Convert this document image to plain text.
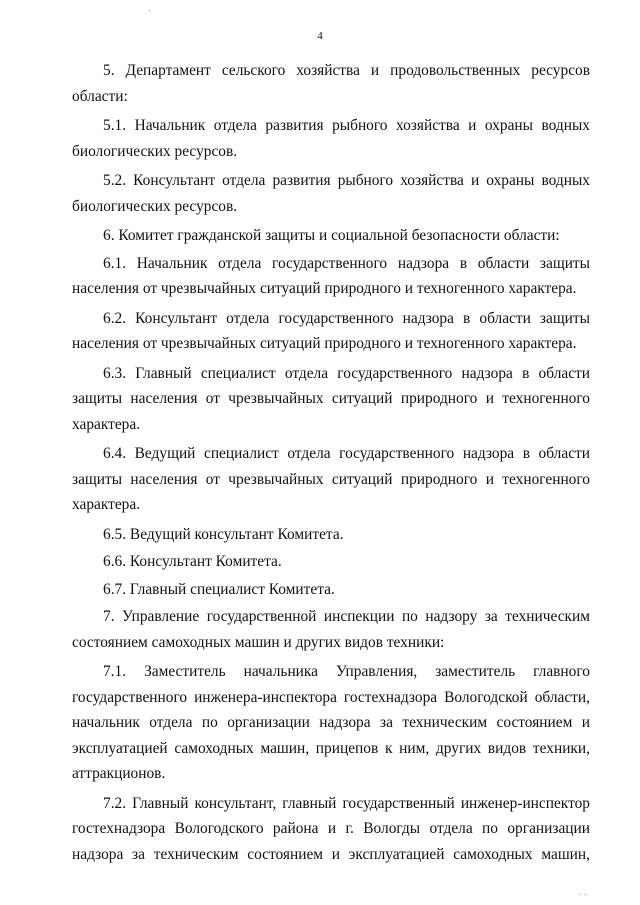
4
5. Департамент сельского хозяйства и продовольственных ресурсов
области:
5.1. Начальник отдела развития рыбного хозяйства и охраны водных
биологических ресурсов.
5.2. Консультант отдела развития рыбного хозяйства и охраны водных
биологических ресурсов.
6. Комитет гражданской защиты и социальной безопасности области:
6.1. Начальник отдела государственного надзора в области защиты
населения от чрезвычайных ситуаций природного и техногенного характера.
6.2. Консультант отдела государственного надзора в области защиты
населения от чрезвычайных ситуаций природного и техногенного характера.
6.3. Главный специалист отдела государственного надзора в области
защиты населения от чрезвычайных ситуаций природного и техногенного
характера.
6.4. Ведущий специалист отдела государственного надзора в области
защиты населения от чрезвычайных ситуаций природного и техногенного
характера.
6.5. Ведущий консультант Комитета.
6.6. Консультант Комитета.
6.7. Главный специалист Комитета.
7. Управление государственной инспекции по надзору за техническим
состоянием самоходных машин и других видов техники:
7.1. Заместитель начальника Управления, заместитель главного
государственного инженера-инспектора гостехнадзора Вологодской области,
начальник отдела по организации надзора за техническим состоянием и
эксплуатацией самоходных машин, прицепов к ним, других видов техники,
аттракционов.
7.2. Главный консультант, главный государственный инженер-инспектор
гостехнадзора Вологодского района и г. Вологды отдела по организации
надзора за техническим состоянием и эксплуатацией самоходных машин,
·
· ·
